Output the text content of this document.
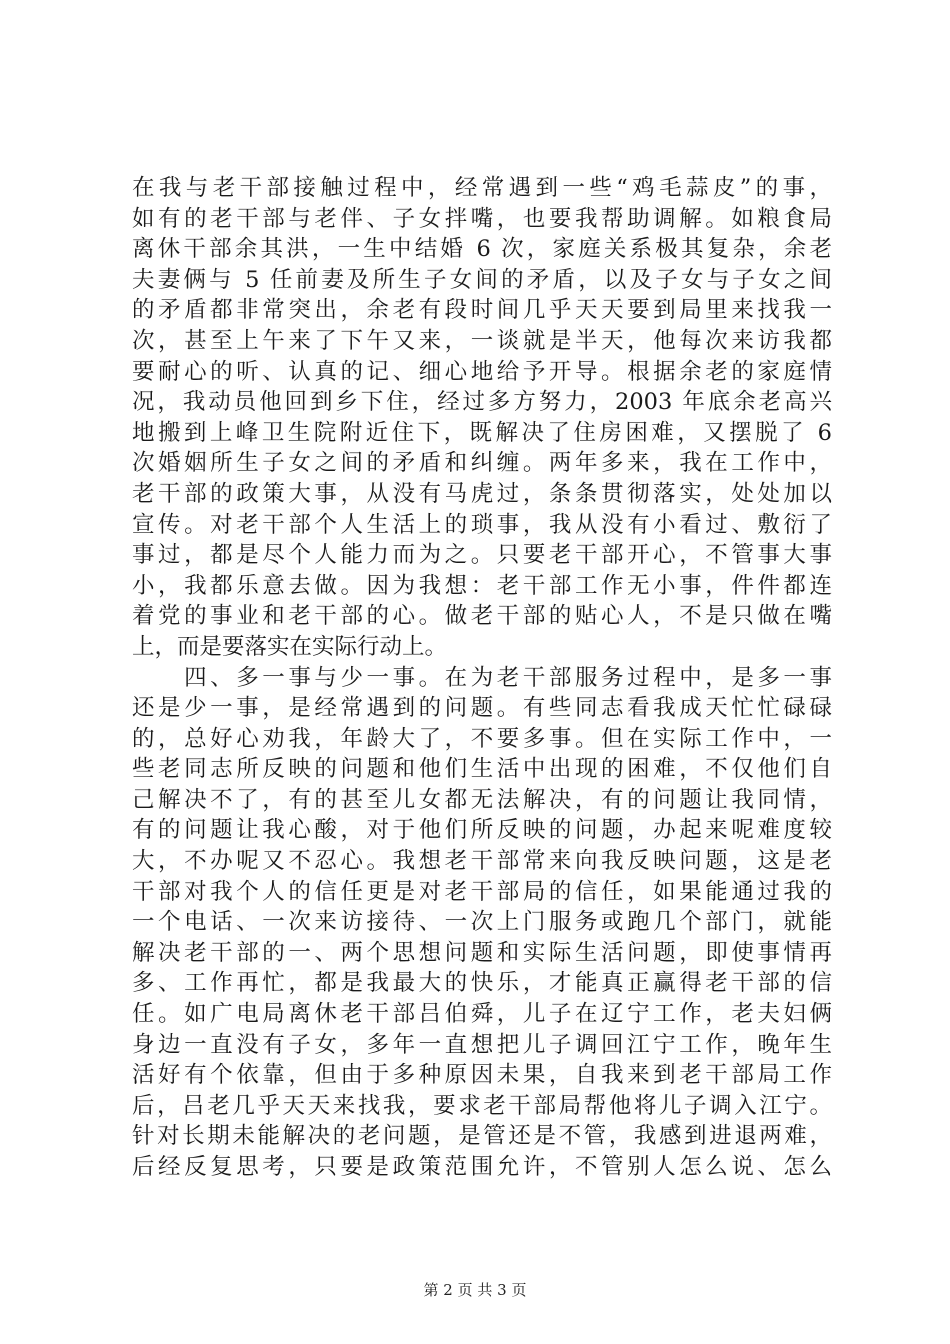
在我与老干部接触过程中，经常遇到一些“鸡毛蒜皮”的事，
如有的老干部与老伴、子女拌嘴，也要我帮助调解。如粮食局
离休干部余其洪，一生中结婚 6 次，家庭关系极其复杂，余老
夫妻俩与 5 任前妻及所生子女间的矛盾，以及子女与子女之间
的矛盾都非常突出，余老有段时间几乎天天要到局里来找我一
次，甚至上午来了下午又来，一谈就是半天，他每次来访我都
要耐心的听、认真的记、细心地给予开导。根据余老的家庭情
况，我动员他回到乡下住，经过多方努力，2003 年底余老高兴
地搬到上峰卫生院附近住下，既解决了住房困难，又摆脱了 6
次婚姻所生子女之间的矛盾和纠缠。两年多来，我在工作中，
老干部的政策大事，从没有马虎过，条条贯彻落实，处处加以
宣传。对老干部个人生活上的琐事，我从没有小看过、敷衍了
事过，都是尽个人能力而为之。只要老干部开心，不管事大事
小，我都乐意去做。因为我想：老干部工作无小事，件件都连
着党的事业和老干部的心。做老干部的贴心人，不是只做在嘴
上，而是要落实在实际行动上。
　　四、多一事与少一事。在为老干部服务过程中，是多一事
还是少一事，是经常遇到的问题。有些同志看我成天忙忙碌碌
的，总好心劝我，年龄大了，不要多事。但在实际工作中，一
些老同志所反映的问题和他们生活中出现的困难，不仅他们自
己解决不了，有的甚至儿女都无法解决，有的问题让我同情，
有的问题让我心酸，对于他们所反映的问题，办起来呢难度较
大，不办呢又不忍心。我想老干部常来向我反映问题，这是老
干部对我个人的信任更是对老干部局的信任，如果能通过我的
一个电话、一次来访接待、一次上门服务或跑几个部门，就能
解决老干部的一、两个思想问题和实际生活问题，即使事情再
多、工作再忙，都是我最大的快乐，才能真正赢得老干部的信
任。如广电局离休老干部吕伯舜，儿子在辽宁工作，老夫妇俩
身边一直没有子女，多年一直想把儿子调回江宁工作，晚年生
活好有个依靠，但由于多种原因未果，自我来到老干部局工作
后，吕老几乎天天来找我，要求老干部局帮他将儿子调入江宁。
针对长期未能解决的老问题，是管还是不管，我感到进退两难，
后经反复思考，只要是政策范围允许，不管别人怎么说、怎么
第 2 页 共 3 页
